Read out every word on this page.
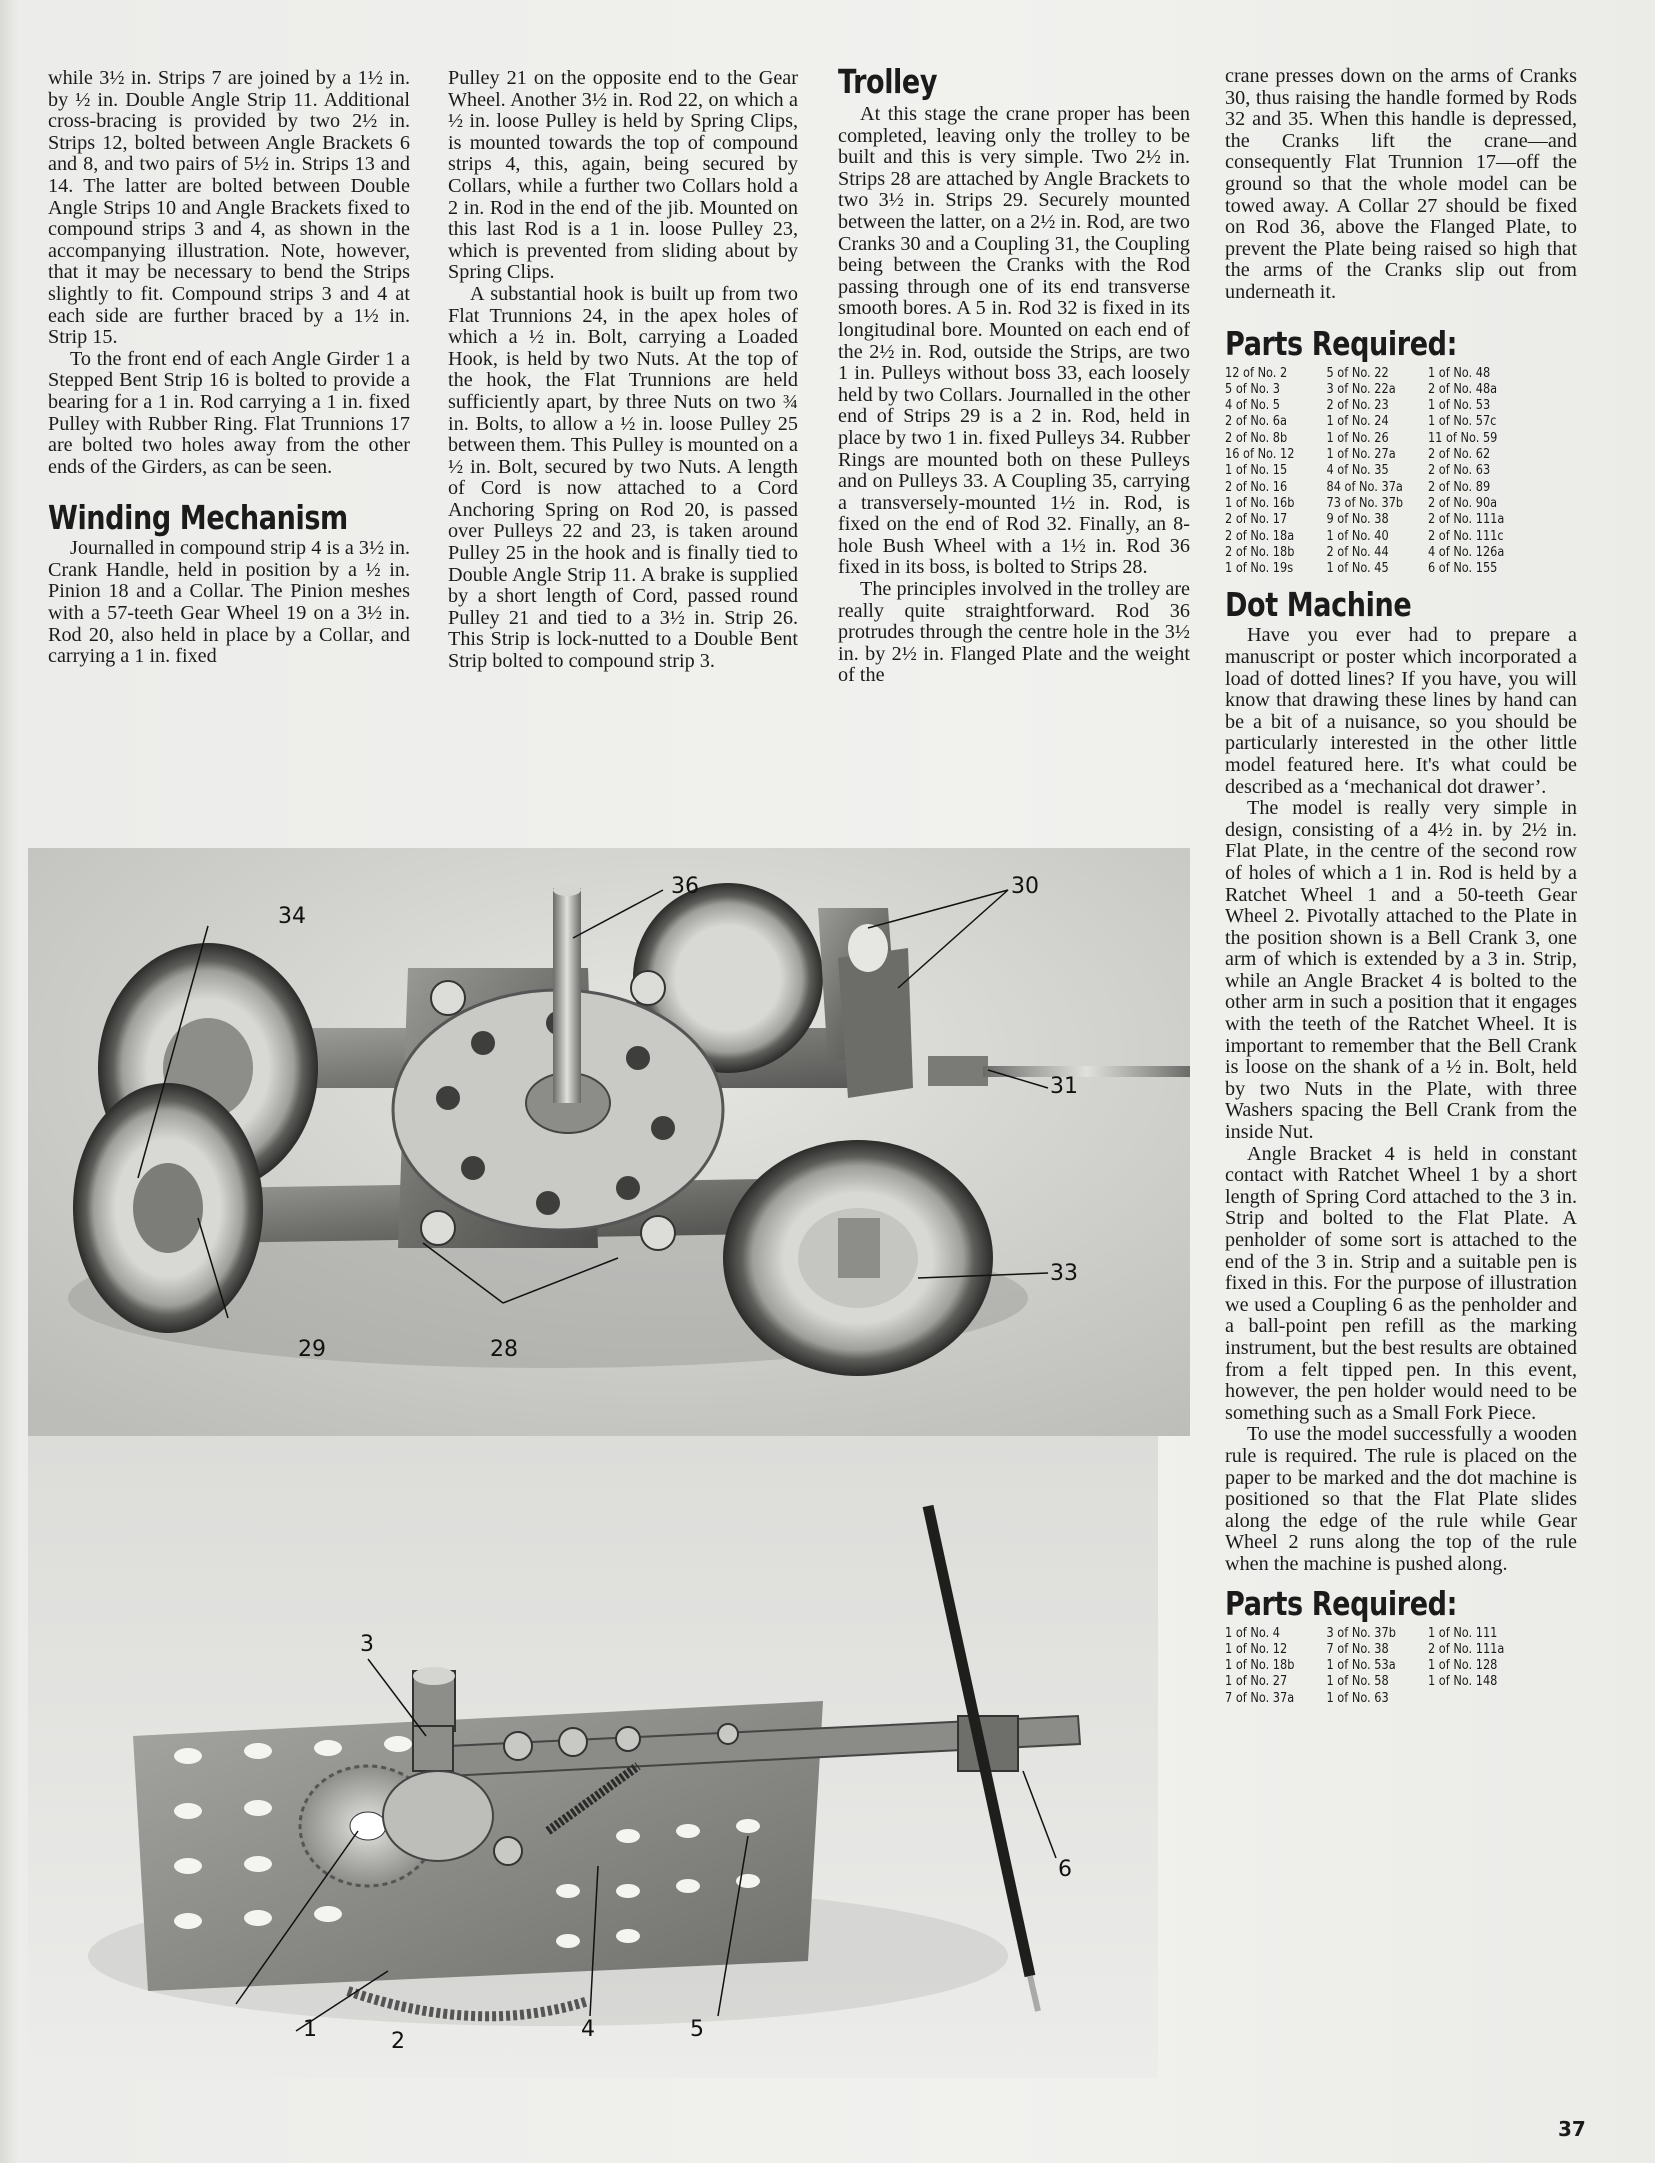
while 3½ in. Strips 7 are joined by a 1½ in. by ½ in. Double Angle Strip 11. Additional cross-bracing is provided by two 2½ in. Strips 12, bolted between Angle Brackets 6 and 8, and two pairs of 5½ in. Strips 13 and 14. The latter are bolted between Double Angle Strips 10 and Angle Brackets fixed to compound strips 3 and 4, as shown in the accompanying illustration. Note, however, that it may be necessary to bend the Strips slightly to fit. Compound strips 3 and 4 at each side are further braced by a 1½ in. Strip 15.

To the front end of each Angle Girder 1 a Stepped Bent Strip 16 is bolted to provide a bearing for a 1 in. Rod carrying a 1 in. fixed Pulley with Rubber Ring. Flat Trunnions 17 are bolted two holes away from the other ends of the Girders, as can be seen.

Winding Mechanism

Journalled in compound strip 4 is a 3½ in. Crank Handle, held in position by a ½ in. Pinion 18 and a Collar. The Pinion meshes with a 57-teeth Gear Wheel 19 on a 3½ in. Rod 20, also held in place by a Collar, and carrying a 1 in. fixed

Pulley 21 on the opposite end to the Gear Wheel. Another 3½ in. Rod 22, on which a ½ in. loose Pulley is held by Spring Clips, is mounted towards the top of compound strips 4, this, again, being secured by Collars, while a further two Collars hold a 2 in. Rod in the end of the jib. Mounted on this last Rod is a 1 in. loose Pulley 23, which is prevented from sliding about by Spring Clips.

A substantial hook is built up from two Flat Trunnions 24, in the apex holes of which a ½ in. Bolt, carrying a Loaded Hook, is held by two Nuts. At the top of the hook, the Flat Trunnions are held sufficiently apart, by three Nuts on two ¾ in. Bolts, to allow a ½ in. loose Pulley 25 between them. This Pulley is mounted on a ½ in. Bolt, secured by two Nuts. A length of Cord is now attached to a Cord Anchoring Spring on Rod 20, is passed over Pulleys 22 and 23, is taken around Pulley 25 in the hook and is finally tied to Double Angle Strip 11. A brake is supplied by a short length of Cord, passed round Pulley 21 and tied to a 3½ in. Strip 26. This Strip is lock-nutted to a Double Bent Strip bolted to compound strip 3.

Trolley

At this stage the crane proper has been completed, leaving only the trolley to be built and this is very simple. Two 2½ in. Strips 28 are attached by Angle Brackets to two 3½ in. Strips 29. Securely mounted between the latter, on a 2½ in. Rod, are two Cranks 30 and a Coupling 31, the Coupling being between the Cranks with the Rod passing through one of its end transverse smooth bores. A 5 in. Rod 32 is fixed in its longitudinal bore. Mounted on each end of the 2½ in. Rod, outside the Strips, are two 1 in. Pulleys without boss 33, each loosely held by two Collars. Journalled in the other end of Strips 29 is a 2 in. Rod, held in place by two 1 in. fixed Pulleys 34. Rubber Rings are mounted both on these Pulleys and on Pulleys 33. A Coupling 35, carrying a transversely-mounted 1½ in. Rod, is fixed on the end of Rod 32. Finally, an 8-hole Bush Wheel with a 1½ in. Rod 36 fixed in its boss, is bolted to Strips 28.

The principles involved in the trolley are really quite straightforward. Rod 36 protrudes through the centre hole in the 3½ in. by 2½ in. Flanged Plate and the weight of the

crane presses down on the arms of Cranks 30, thus raising the handle formed by Rods 32 and 35. When this handle is depressed, the Cranks lift the crane—and consequently Flat Trunnion 17—off the ground so that the whole model can be towed away. A Collar 27 should be fixed on Rod 36, above the Flanged Plate, to prevent the Plate being raised so high that the arms of the Cranks slip out from underneath it.

Parts Required:
12 of No. 2	5 of No. 22	1 of No. 48
5 of No. 3	3 of No. 22a	2 of No. 48a
4 of No. 5	2 of No. 23	1 of No. 53
2 of No. 6a	1 of No. 24	1 of No. 57c
2 of No. 8b	1 of No. 26	11 of No. 59
16 of No. 12	1 of No. 27a	2 of No. 62
1 of No. 15	4 of No. 35	2 of No. 63
2 of No. 16	84 of No. 37a	2 of No. 89
1 of No. 16b	73 of No. 37b	2 of No. 90a
2 of No. 17	9 of No. 38	2 of No. 111a
2 of No. 18a	1 of No. 40	2 of No. 111c
2 of No. 18b	2 of No. 44	4 of No. 126a
1 of No. 19s	1 of No. 45	6 of No. 155
Dot Machine

Have you ever had to prepare a manuscript or poster which incorporated a load of dotted lines? If you have, you will know that drawing these lines by hand can be a bit of a nuisance, so you should be particularly interested in the other little model featured here. It's what could be described as a ‘mechanical dot drawer’.

The model is really very simple in design, consisting of a 4½ in. by 2½ in. Flat Plate, in the centre of the second row of holes of which a 1 in. Rod is held by a Ratchet Wheel 1 and a 50-teeth Gear Wheel 2. Pivotally attached to the Plate in the position shown is a Bell Crank 3, one arm of which is extended by a 3 in. Strip, while an Angle Bracket 4 is bolted to the other arm in such a position that it engages with the teeth of the Ratchet Wheel. It is important to remember that the Bell Crank is loose on the shank of a ½ in. Bolt, held by two Nuts in the Plate, with three Washers spacing the Bell Crank from the inside Nut.

Angle Bracket 4 is held in constant contact with Ratchet Wheel 1 by a short length of Spring Cord attached to the 3 in. Strip and bolted to the Flat Plate. A penholder of some sort is attached to the end of the 3 in. Strip and a suitable pen is fixed in this. For the purpose of illustration we used a Coupling 6 as the penholder and a ball-point pen refill as the marking instrument, but the best results are obtained from a felt tipped pen. In this event, however, the pen holder would need to be something such as a Small Fork Piece.

To use the model successfully a wooden rule is required. The rule is placed on the paper to be marked and the dot machine is positioned so that the Flat Plate slides along the edge of the rule while Gear Wheel 2 runs along the top of the rule when the machine is pushed along.

Parts Required:
1 of No. 4	3 of No. 37b	1 of No. 111
1 of No. 12	7 of No. 38	2 of No. 111a
1 of No. 18b	1 of No. 53a	1 of No. 128
1 of No. 27	1 of No. 58	1 of No. 148
7 of No. 37a	1 of No. 63
36	30
34
31
33
29	28
3
6
1	2	4	5
37
